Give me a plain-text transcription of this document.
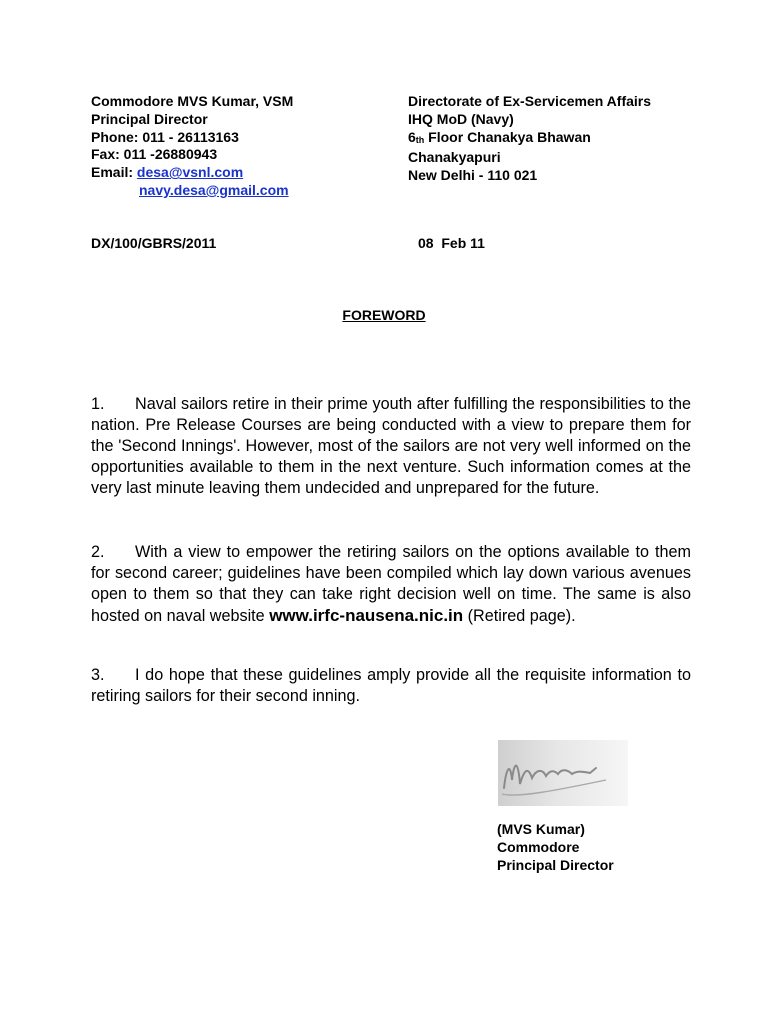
Commodore MVS Kumar, VSM
Principal Director
Phone: 011 - 26113163
Fax: 011 -26880943
Email: desa@vsnl.com
navy.desa@gmail.com
Directorate of Ex-Servicemen Affairs
IHQ MoD (Navy)
$6_{th}$ Floor Chanakya Bhawan
Chanakyapuri
New Delhi - 110 021
DX/100/GBRS/2011	08  Feb 11
FOREWORD
1. Naval sailors retire in their prime youth after fulfilling the responsibilities to the nation. Pre Release Courses are being conducted with a view to prepare them for the 'Second Innings'. However, most of the sailors are not very well informed on the opportunities available to them in the next venture. Such information comes at the very last minute leaving them undecided and unprepared for the future.
2. With a view to empower the retiring sailors on the options available to them for second career; guidelines have been compiled which lay down various avenues open to them so that they can take right decision well on time. The same is also hosted on naval website www.irfc-nausena.nic.in (Retired page).
3. I do hope that these guidelines amply provide all the requisite information to retiring sailors for their second inning.
(MVS Kumar)
Commodore
Principal Director
